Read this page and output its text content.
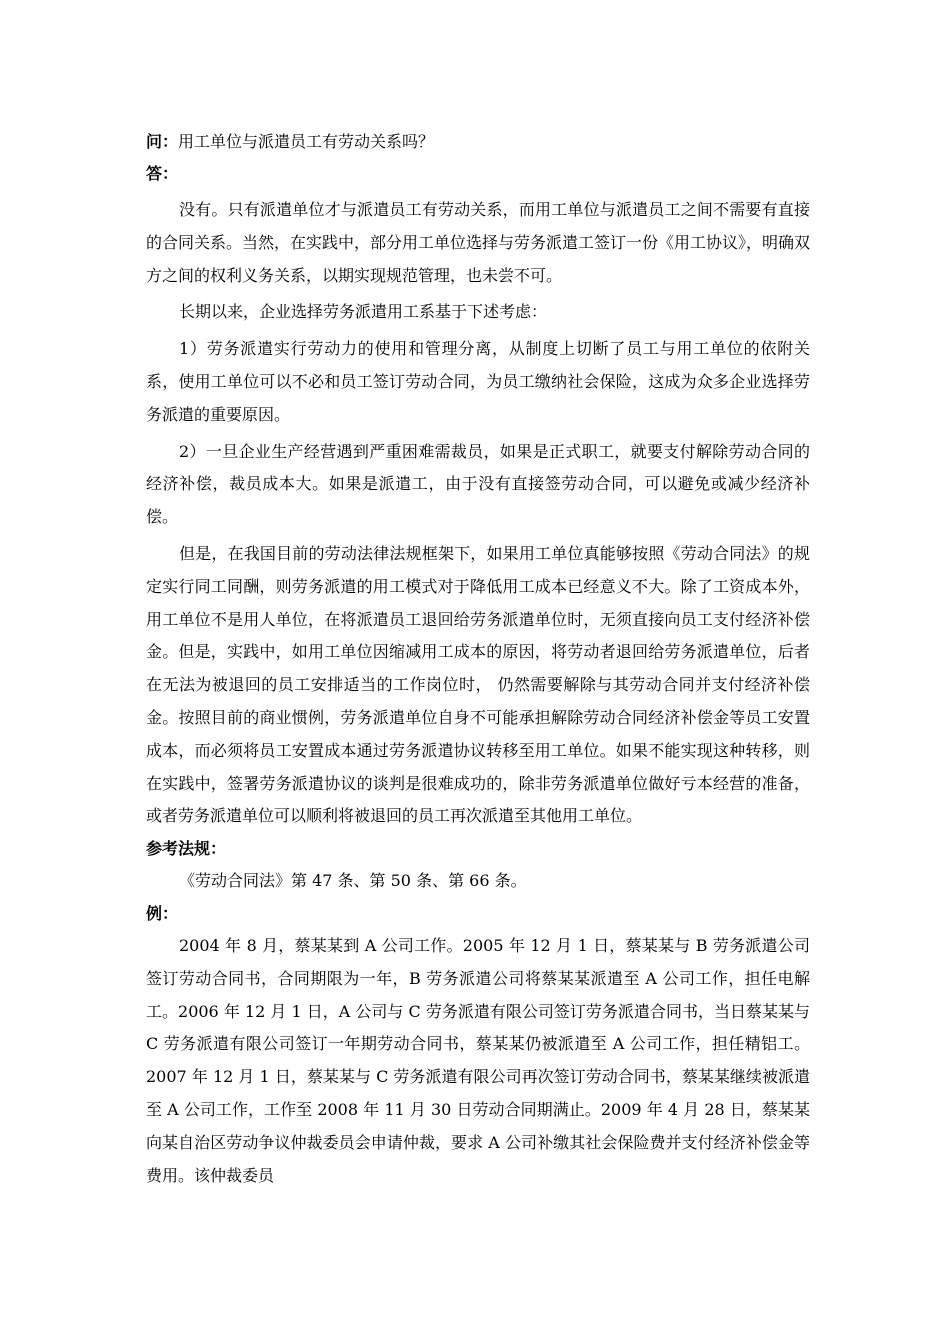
问：用工单位与派遣员工有劳动关系吗？
答：

没有。只有派遣单位才与派遣员工有劳动关系，而用工单位与派遣员工之间不需要有直接的合同关系。当然，在实践中，部分用工单位选择与劳务派遣工签订一份《用工协议》，明确双方之间的权利义务关系，以期实现规范管理，也未尝不可。

长期以来，企业选择劳务派遣用工系基于下述考虑：

1）劳务派遣实行劳动力的使用和管理分离，从制度上切断了员工与用工单位的依附关系，使用工单位可以不必和员工签订劳动合同，为员工缴纳社会保险，这成为众多企业选择劳务派遣的重要原因。

2）一旦企业生产经营遇到严重困难需裁员，如果是正式职工，就要支付解除劳动合同的经济补偿，裁员成本大。如果是派遣工，由于没有直接签劳动合同，可以避免或减少经济补偿。

但是，在我国目前的劳动法律法规框架下，如果用工单位真能够按照《劳动合同法》的规定实行同工同酬，则劳务派遣的用工模式对于降低用工成本已经意义不大。除了工资成本外，用工单位不是用人单位，在将派遣员工退回给劳务派遣单位时，无须直接向员工支付经济补偿金。但是，实践中，如用工单位因缩减用工成本的原因，将劳动者退回给劳务派遣单位，后者在无法为被退回的员工安排适当的工作岗位时， 仍然需要解除与其劳动合同并支付经济补偿金。按照目前的商业惯例，劳务派遣单位自身不可能承担解除劳动合同经济补偿金等员工安置成本，而必须将员工安置成本通过劳务派遣协议转移至用工单位。如果不能实现这种转移，则在实践中，签署劳务派遣协议的谈判是很难成功的，除非劳务派遣单位做好亏本经营的准备，或者劳务派遣单位可以顺利将被退回的员工再次派遣至其他用工单位。

参考法规：

《劳动合同法》第 47 条、第 50 条、第 66 条。

例：

2004 年 8 月，蔡某某到 A 公司工作。2005 年 12 月 1 日，蔡某某与 B 劳务派遣公司签订劳动合同书，合同期限为一年，B 劳务派遣公司将蔡某某派遣至 A 公司工作，担任电解工。2006 年 12 月 1 日，A 公司与 C 劳务派遣有限公司签订劳务派遣合同书，当日蔡某某与 C 劳务派遣有限公司签订一年期劳动合同书，蔡某某仍被派遣至 A 公司工作，担任精铝工。2007 年 12 月 1 日，蔡某某与 C 劳务派遣有限公司再次签订劳动合同书，蔡某某继续被派遣至 A 公司工作，工作至 2008 年 11 月 30 日劳动合同期满止。2009 年 4 月 28 日，蔡某某向某自治区劳动争议仲裁委员会申请仲裁，要求 A 公司补缴其社会保险费并支付经济补偿金等费用。该仲裁委员
